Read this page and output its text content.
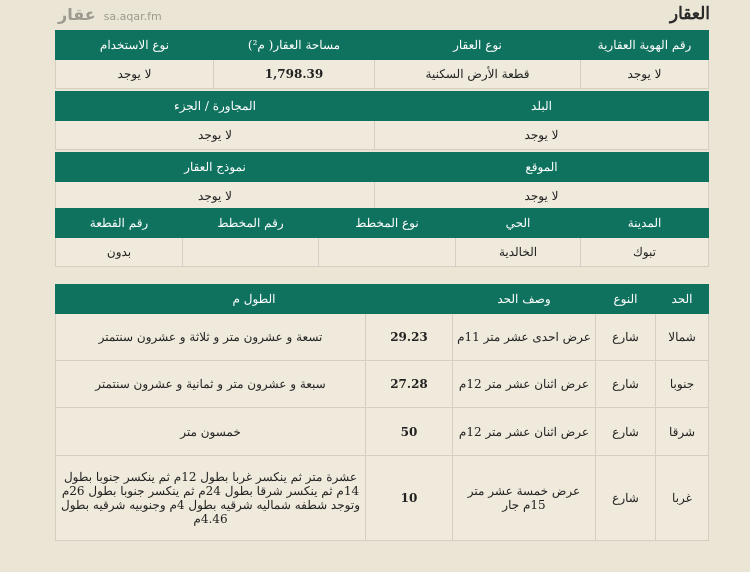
العقار
عقار sa.aqar.fm
رقم الهوية العقارية	نوع العقار	مساحة العقار( م²)	نوع الاستخدام
لا يوجد	قطعة الأرض السكنية	1,798.39	لا يوجد

البلد		المجاورة / الجزء	
لا يوجد		لا يوجد	

الموقع		نموذج العقار	
لا يوجد		لا يوجد	
المدينة	الحي	نوع المخطط	رقم المخطط	رقم القطعة
تبوك	الخالدية			بدون
الحد	النوع	وصف الحد	الطول م	
شمالا	شارع	عرض احدى عشر متر 11م	29.23	تسعة و عشرون متر و ثلاثة و عشرون سنتمتر
جنوبا	شارع	عرض اثنان عشر متر 12م	27.28	سبعة و عشرون متر و ثمانية و عشرون سنتمتر
شرقا	شارع	عرض اثنان عشر متر 12م	50	خمسون متر
غربا	شارع	عرض خمسة عشر متر 15م جار	10	عشرة متر ثم ينكسر غربا بطول 12م ثم ينكسر جنوبا بطول 14م ثم ينكسر شرقا بطول 24م ثم ينكسر جنوبا بطول 26م وتوجد شطفه شماليه شرقيه بطول 4م وجنوبيه شرقيه بطول 4.46م
